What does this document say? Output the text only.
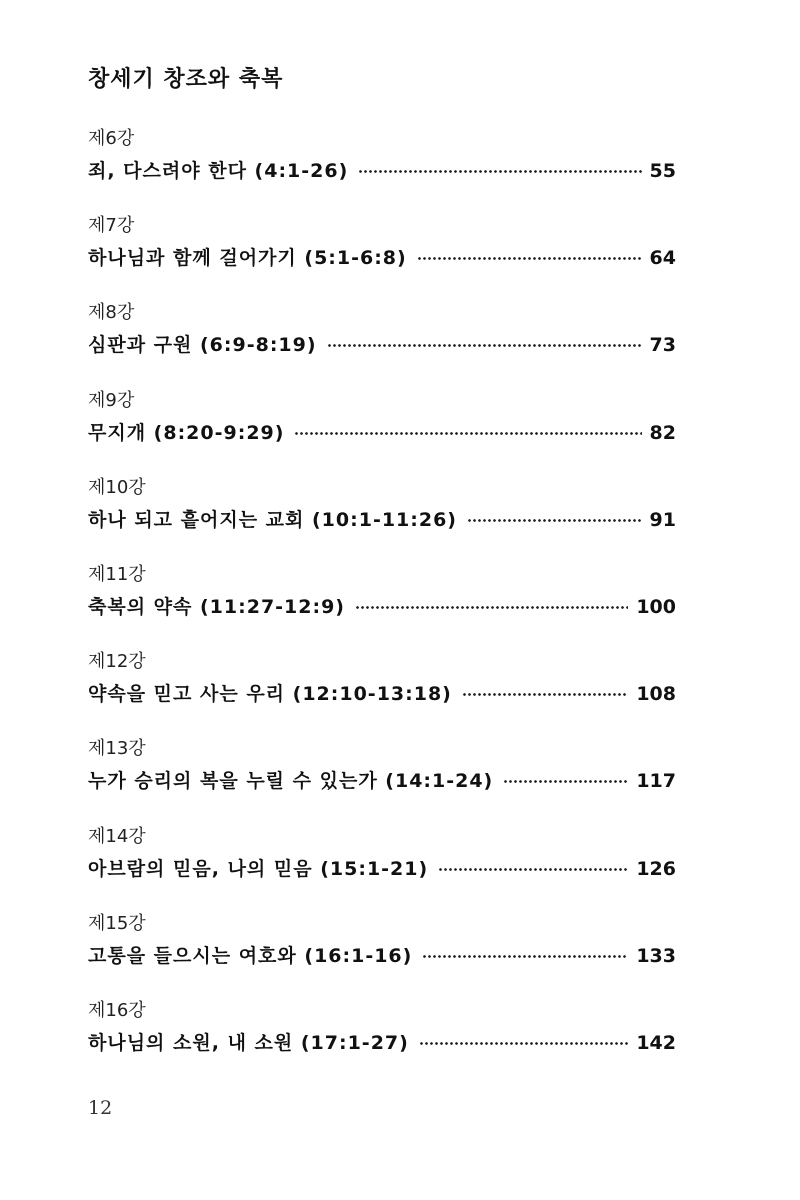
창세기 창조와 축복
제6강
죄, 다스려야 한다 (4:1-26)	55
제7강
하나님과 함께 걸어가기 (5:1-6:8)	64
제8강
심판과 구원 (6:9-8:19)	73
제9강
무지개 (8:20-9:29)	82
제10강
하나 되고 흩어지는 교회 (10:1-11:26)	91
제11강
축복의 약속 (11:27-12:9)	100
제12강
약속을 믿고 사는 우리 (12:10-13:18)	108
제13강
누가 승리의 복을 누릴 수 있는가 (14:1-24)	117
제14강
아브람의 믿음, 나의 믿음 (15:1-21)	126
제15강
고통을 들으시는 여호와 (16:1-16)	133
제16강
하나님의 소원, 내 소원 (17:1-27)	142
12
